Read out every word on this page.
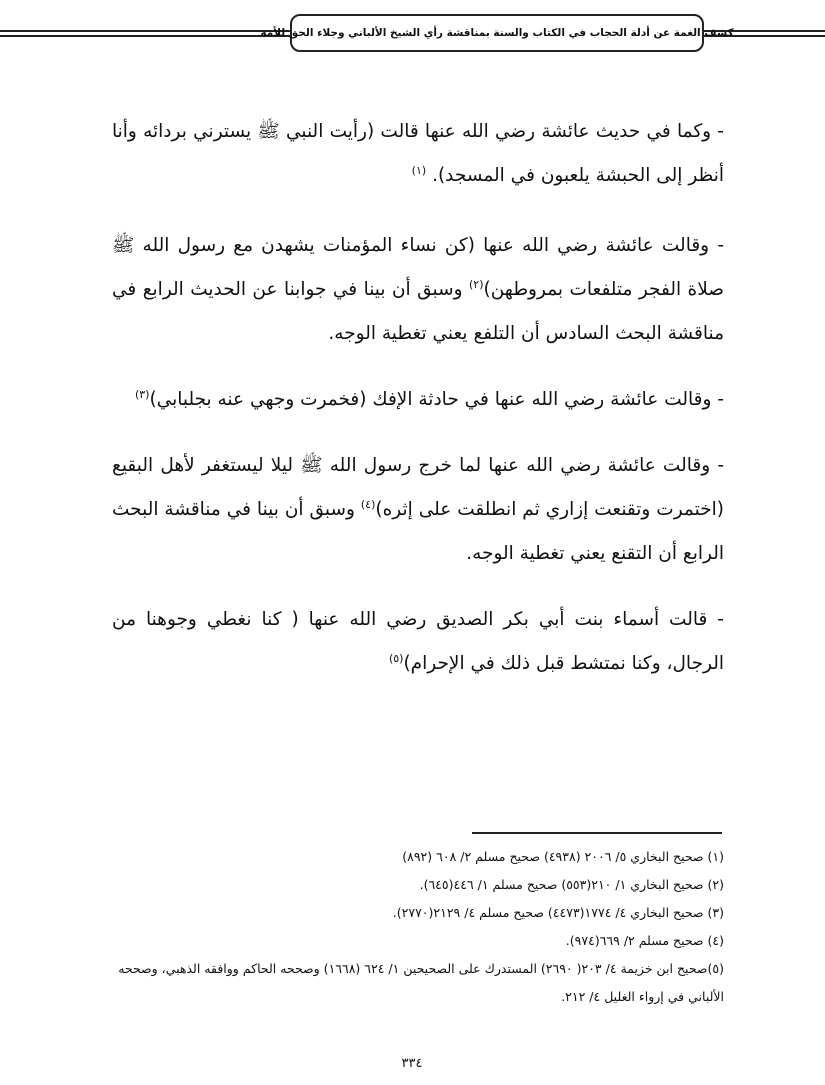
كشف الغمة عن أدلة الحجاب في الكتاب والسنة بمناقشة رأي الشيخ الألباني وجلاء الحق للأمة

- وكما في حديث عائشة رضي الله عنها قالت (رأيت النبي ﷺ يسترني بردائه وأنا أنظر إلى الحبشة يلعبون في المسجد). $^{(١)}$

- وقالت عائشة رضي الله عنها (كن نساء المؤمنات يشهدن مع رسول الله ﷺ صلاة الفجر متلفعات بمروطهن)$^{(٢)}$ وسبق أن بينا في جوابنا عن الحديث الرابع في مناقشة البحث السادس أن التلفع يعني تغطية الوجه.

- وقالت عائشة رضي الله عنها في حادثة الإفك (فخمرت وجهي عنه بجلبابي)$^{(٣)}$

- وقالت عائشة رضي الله عنها لما خرج رسول الله ﷺ ليلا ليستغفر لأهل البقيع (اختمرت وتقنعت إزاري ثم انطلقت على إثره)$^{(٤)}$ وسبق أن بينا في مناقشة البحث الرابع أن التقنع يعني تغطية الوجه.

- قالت أسماء بنت أبي بكر الصديق رضي الله عنها ( كنا نغطي وجوهنا من الرجال، وكنا نمتشط قبل ذلك في الإحرام)$^{(٥)}$

(١) صحيح البخاري ٥/ ٢٠٠٦ (٤٩٣٨) صحيح مسلم ٢/ ٦٠٨ (٨٩٢)

(٢) صحيح البخاري ١/ ٢١٠(٥٥٣) صحيح مسلم ١/ ٤٤٦(٦٤٥).

(٣) صحيح البخاري ٤/ ١٧٧٤(٤٤٧٣) صحيح مسلم ٤/ ٢١٢٩(٢٧٧٠).

(٤) صحيح مسلم ٢/ ٦٦٩(٩٧٤).

(٥)صحيح ابن خزيمة ٤/ ٢٠٣( ٢٦٩٠) المستدرك على الصحيحين ١/ ٦٢٤ (١٦٦٨) وصححه الحاكم ووافقه الذهبي، وصححه الألباني في إرواء الغليل ٤/ ٢١٢.

٣٣٤
